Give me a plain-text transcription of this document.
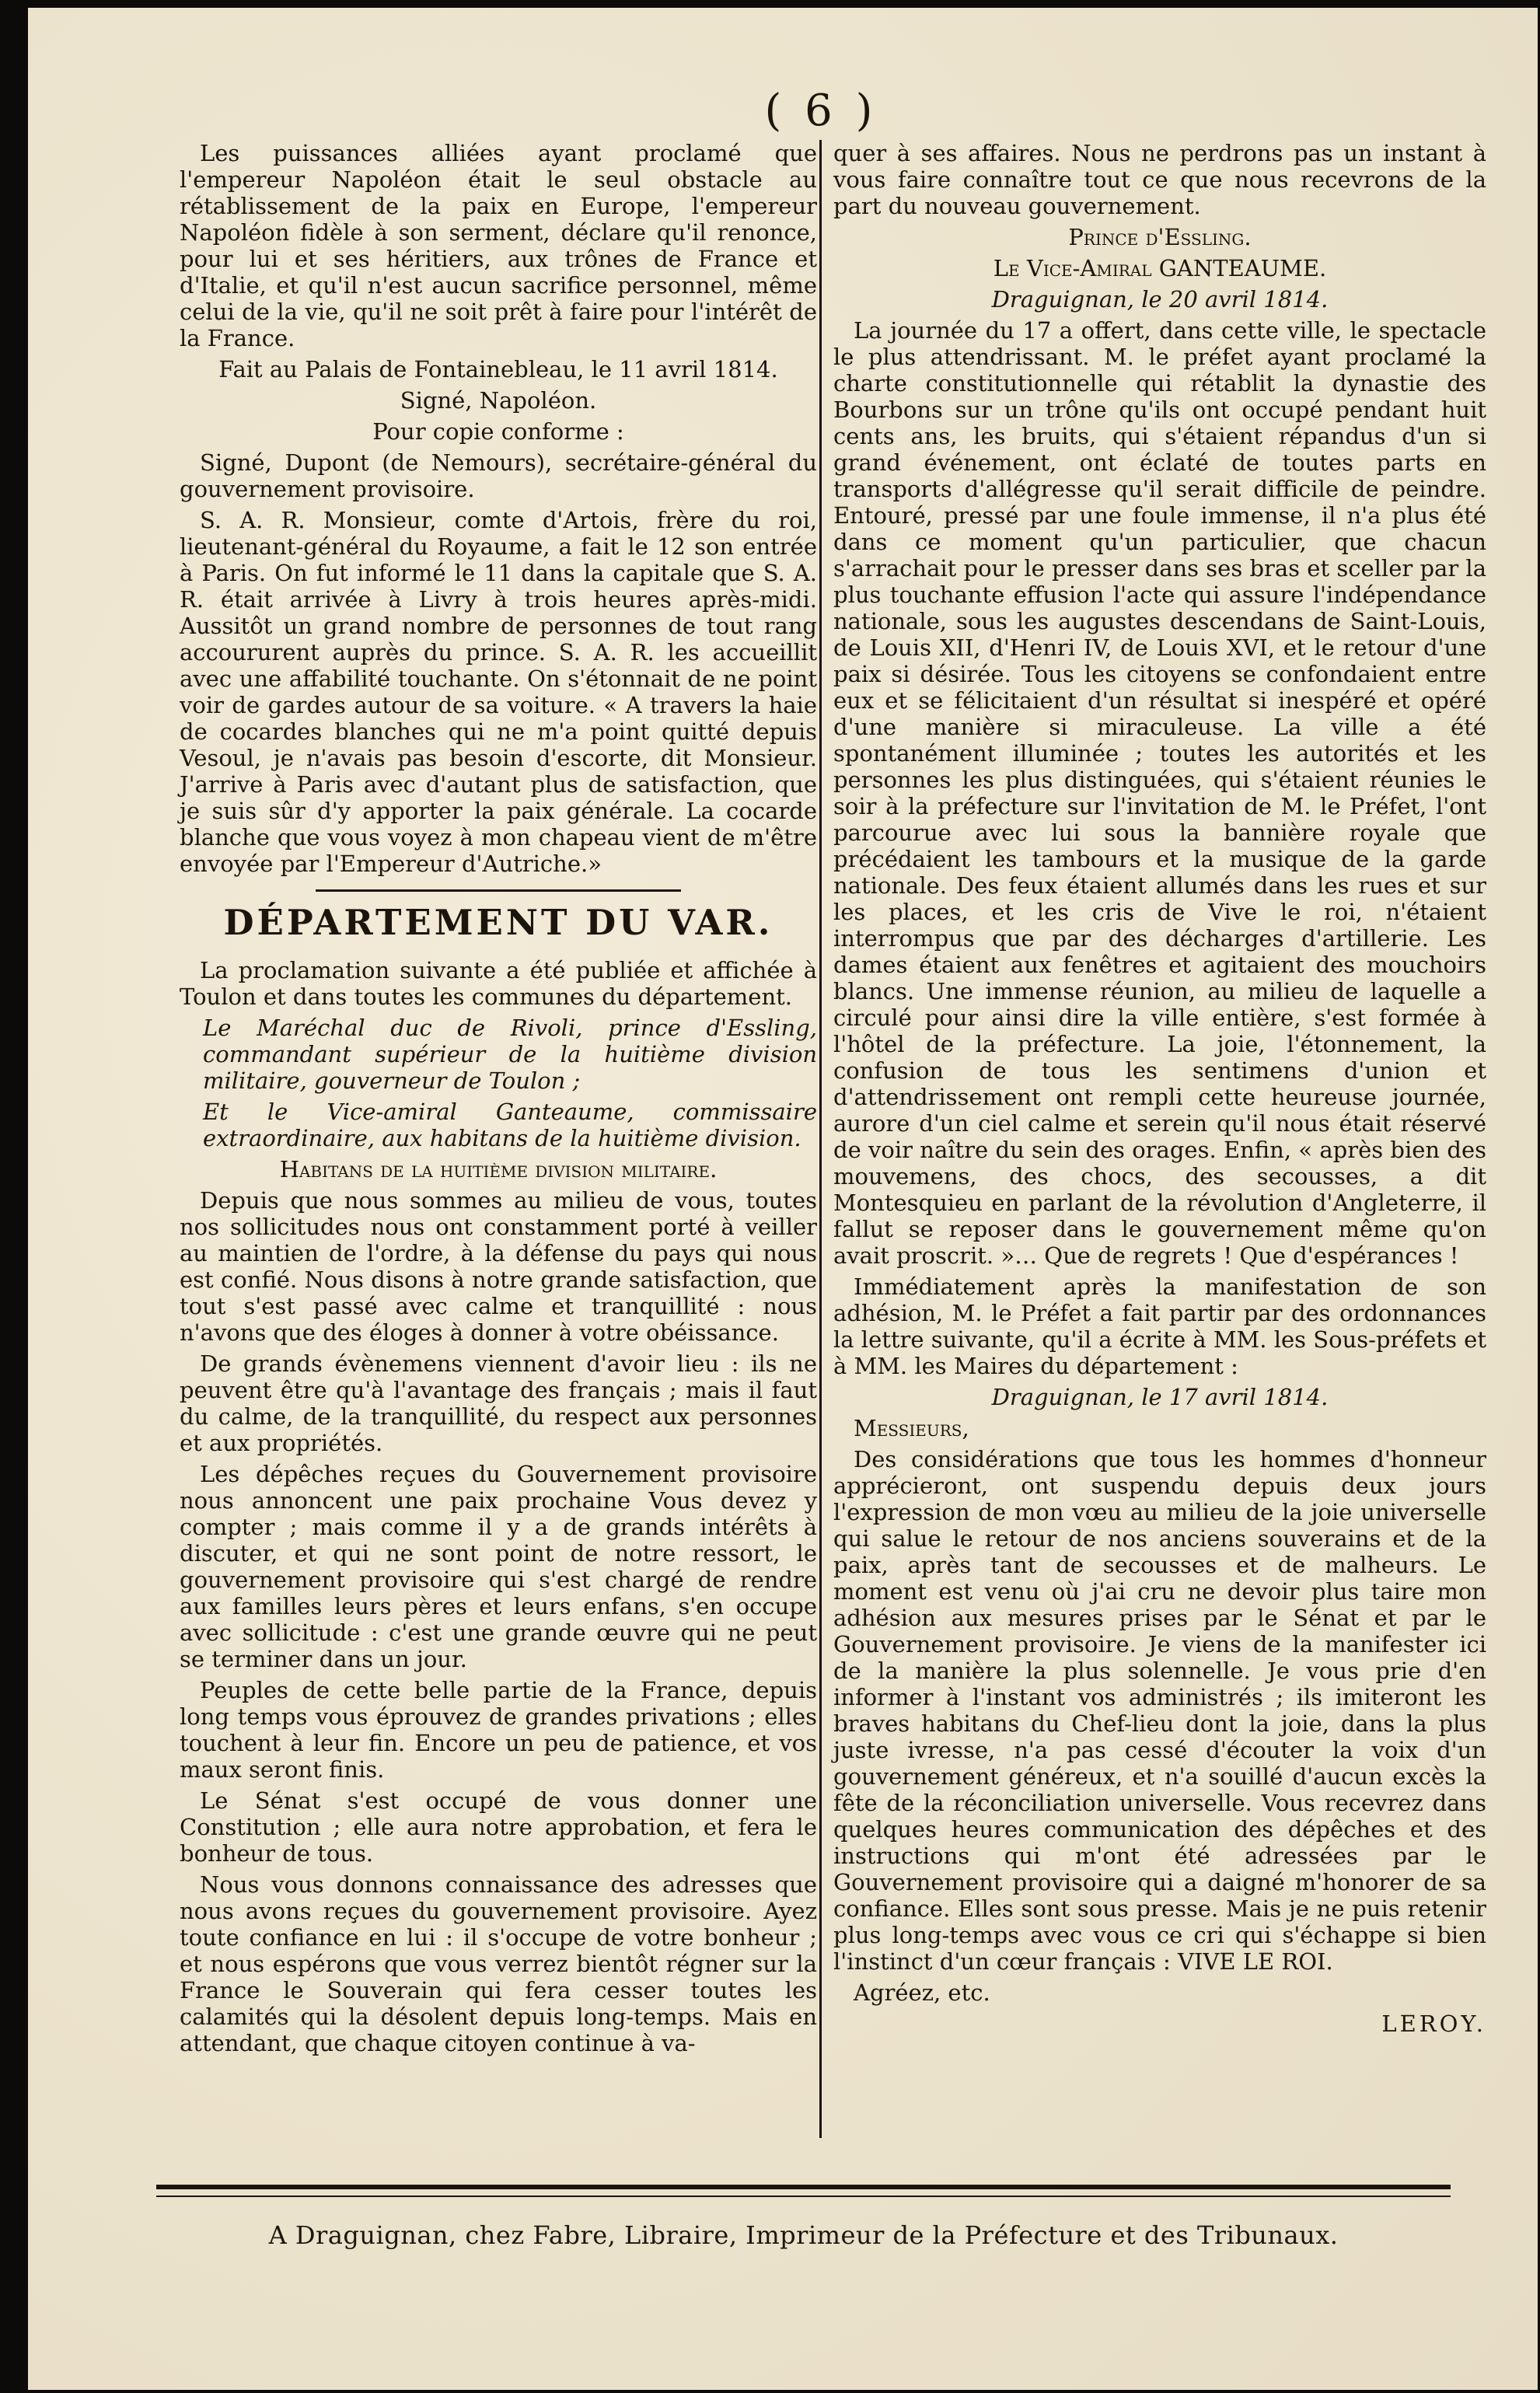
( 6 )

Les puissances alliées ayant proclamé que l'empereur Napoléon était le seul obstacle au rétablissement de la paix en Europe, l'empereur Napoléon fidèle à son serment, déclare qu'il renonce, pour lui et ses héritiers, aux trônes de France et d'Italie, et qu'il n'est aucun sacrifice personnel, même celui de la vie, qu'il ne soit prêt à faire pour l'intérêt de la France.

Fait au Palais de Fontainebleau, le 11 avril 1814.

Signé, Napoléon.

Pour copie conforme :

Signé, Dupont (de Nemours), secrétaire-général du gouvernement provisoire.

S. A. R. Monsieur, comte d'Artois, frère du roi, lieutenant-général du Royaume, a fait le 12 son entrée à Paris. On fut informé le 11 dans la capitale que S. A. R. était arrivée à Livry à trois heures après-midi. Aussitôt un grand nombre de personnes de tout rang accoururent auprès du prince. S. A. R. les accueillit avec une affabilité touchante. On s'étonnait de ne point voir de gardes autour de sa voiture. « A travers la haie de cocardes blanches qui ne m'a point quitté depuis Vesoul, je n'avais pas besoin d'escorte, dit Monsieur. J'arrive à Paris avec d'autant plus de satisfaction, que je suis sûr d'y apporter la paix générale. La cocarde blanche que vous voyez à mon chapeau vient de m'être envoyée par l'Empereur d'Autriche.»

DÉPARTEMENT DU VAR.

La proclamation suivante a été publiée et affichée à Toulon et dans toutes les communes du département.

Le Maréchal duc de Rivoli, prince d'Essling, commandant supérieur de la huitième division militaire, gouverneur de Toulon ;

Et le Vice-amiral Ganteaume, commissaire extraordinaire, aux habitans de la huitième division.

Habitans de la huitième division militaire.

Depuis que nous sommes au milieu de vous, toutes nos sollicitudes nous ont constamment porté à veiller au maintien de l'ordre, à la défense du pays qui nous est confié. Nous disons à notre grande satisfaction, que tout s'est passé avec calme et tranquillité : nous n'avons que des éloges à donner à votre obéissance.

De grands évènemens viennent d'avoir lieu : ils ne peuvent être qu'à l'avantage des français ; mais il faut du calme, de la tranquillité, du respect aux personnes et aux propriétés.

Les dépêches reçues du Gouvernement provisoire nous annoncent une paix prochaine Vous devez y compter ; mais comme il y a de grands intérêts à discuter, et qui ne sont point de notre ressort, le gouvernement provisoire qui s'est chargé de rendre aux familles leurs pères et leurs enfans, s'en occupe avec sollicitude : c'est une grande œuvre qui ne peut se terminer dans un jour.

Peuples de cette belle partie de la France, depuis long temps vous éprouvez de grandes privations ; elles touchent à leur fin. Encore un peu de patience, et vos maux seront finis.

Le Sénat s'est occupé de vous donner une Constitution ; elle aura notre approbation, et fera le bonheur de tous.

Nous vous donnons connaissance des adresses que nous avons reçues du gouvernement provisoire. Ayez toute confiance en lui : il s'occupe de votre bonheur ; et nous espérons que vous verrez bientôt régner sur la France le Souverain qui fera cesser toutes les calamités qui la désolent depuis long-temps. Mais en attendant, que chaque citoyen continue à va-

quer à ses affaires. Nous ne perdrons pas un instant à vous faire connaître tout ce que nous recevrons de la part du nouveau gouvernement.

Prince d'Essling.

Le Vice-Amiral GANTEAUME.

Draguignan, le 20 avril 1814.

La journée du 17 a offert, dans cette ville, le spectacle le plus attendrissant. M. le préfet ayant proclamé la charte constitutionnelle qui rétablit la dynastie des Bourbons sur un trône qu'ils ont occupé pendant huit cents ans, les bruits, qui s'étaient répandus d'un si grand événement, ont éclaté de toutes parts en transports d'allégresse qu'il serait difficile de peindre. Entouré, pressé par une foule immense, il n'a plus été dans ce moment qu'un particulier, que chacun s'arrachait pour le presser dans ses bras et sceller par la plus touchante effusion l'acte qui assure l'indépendance nationale, sous les augustes descendans de Saint-Louis, de Louis XII, d'Henri IV, de Louis XVI, et le retour d'une paix si désirée. Tous les citoyens se confondaient entre eux et se félicitaient d'un résultat si inespéré et opéré d'une manière si miraculeuse. La ville a été spontanément illuminée ; toutes les autorités et les personnes les plus distinguées, qui s'étaient réunies le soir à la préfecture sur l'invitation de M. le Préfet, l'ont parcourue avec lui sous la bannière royale que précédaient les tambours et la musique de la garde nationale. Des feux étaient allumés dans les rues et sur les places, et les cris de Vive le roi, n'étaient interrompus que par des décharges d'artillerie. Les dames étaient aux fenêtres et agitaient des mouchoirs blancs. Une immense réunion, au milieu de laquelle a circulé pour ainsi dire la ville entière, s'est formée à l'hôtel de la préfecture. La joie, l'étonnement, la confusion de tous les sentimens d'union et d'attendrissement ont rempli cette heureuse journée, aurore d'un ciel calme et serein qu'il nous était réservé de voir naître du sein des orages. Enfin, « après bien des mouvemens, des chocs, des secousses, a dit Montesquieu en parlant de la révolution d'Angleterre, il fallut se reposer dans le gouvernement même qu'on avait proscrit. »… Que de regrets ! Que d'espérances !

Immédiatement après la manifestation de son adhésion, M. le Préfet a fait partir par des ordonnances la lettre suivante, qu'il a écrite à MM. les Sous-préfets et à MM. les Maires du département :

Draguignan, le 17 avril 1814.

Messieurs,

Des considérations que tous les hommes d'honneur apprécieront, ont suspendu depuis deux jours l'expression de mon vœu au milieu de la joie universelle qui salue le retour de nos anciens souverains et de la paix, après tant de secousses et de malheurs. Le moment est venu où j'ai cru ne devoir plus taire mon adhésion aux mesures prises par le Sénat et par le Gouvernement provisoire. Je viens de la manifester ici de la manière la plus solennelle. Je vous prie d'en informer à l'instant vos administrés ; ils imiteront les braves habitans du Chef-lieu dont la joie, dans la plus juste ivresse, n'a pas cessé d'écouter la voix d'un gouvernement généreux, et n'a souillé d'aucun excès la fête de la réconciliation universelle. Vous recevrez dans quelques heures communication des dépêches et des instructions qui m'ont été adressées par le Gouvernement provisoire qui a daigné m'honorer de sa confiance. Elles sont sous presse. Mais je ne puis retenir plus long-temps avec vous ce cri qui s'échappe si bien l'instinct d'un cœur français : VIVE LE ROI.

Agréez, etc.

LEROY.

A Draguignan, chez Fabre, Libraire, Imprimeur de la Préfecture et des Tribunaux.
